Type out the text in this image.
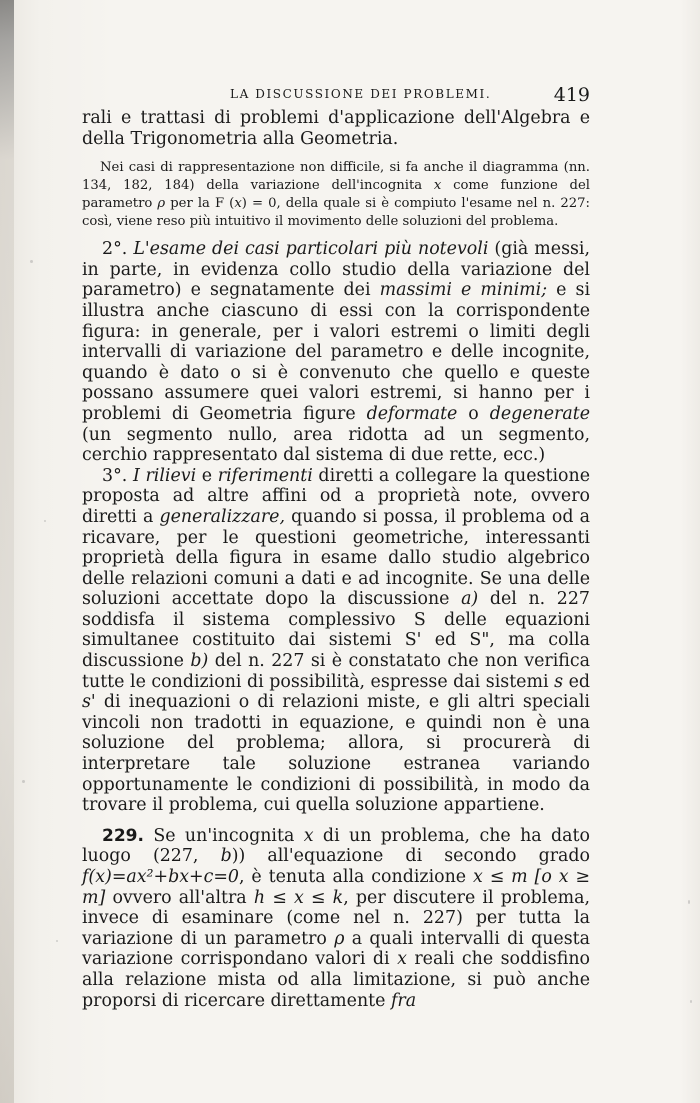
LA DISCUSSIONE DEI PROBLEMI.	419

rali e trattasi di problemi d'applicazione dell'Algebra e della Trigonometria alla Geometria.

Nei casi di rappresentazione non difficile, si fa anche il diagramma (nn. 134, 182, 184) della variazione dell'incognita x come funzione del parametro ρ per la F (x) = 0, della quale si è compiuto l'esame nel n. 227: così, viene reso più intuitivo il movimento delle soluzioni del problema.

2°. L'esame dei casi particolari più notevoli (già messi, in parte, in evidenza collo studio della variazione del parametro) e segnatamente dei massimi e minimi; e si illustra anche ciascuno di essi con la corrispondente figura: in generale, per i valori estremi o limiti degli intervalli di variazione del parametro e delle incognite, quando è dato o si è convenuto che quello e queste possano assumere quei valori estremi, si hanno per i problemi di Geometria figure deformate o degenerate (un segmento nullo, area ridotta ad un segmento, cerchio rappresentato dal sistema di due rette, ecc.)

3°. I rilievi e riferimenti diretti a collegare la questione proposta ad altre affini od a proprietà note, ovvero diretti a generalizzare, quando si possa, il problema od a ricavare, per le questioni geometriche, interessanti proprietà della figura in esame dallo studio algebrico delle relazioni comuni a dati e ad incognite. Se una delle soluzioni accettate dopo la discussione a) del n. 227 soddisfa il sistema complessivo S delle equazioni simultanee costituito dai sistemi S' ed S", ma colla discussione b) del n. 227 si è constatato che non verifica tutte le condizioni di possibilità, espresse dai sistemi s ed s' di inequazioni o di relazioni miste, e gli altri speciali vincoli non tradotti in equazione, e quindi non è una soluzione del problema; allora, si procurerà di interpretare tale soluzione estranea variando opportunamente le condizioni di possibilità, in modo da trovare il problema, cui quella soluzione appartiene.

229. Se un'incognita x di un problema, che ha dato luogo (227, b)) all'equazione di secondo grado f(x)=ax²+bx+c=0, è tenuta alla condizione x ≤ m [o x ≥ m] ovvero all'altra h ≤ x ≤ k, per discutere il problema, invece di esaminare (come nel n. 227) per tutta la variazione di un parametro ρ a quali intervalli di questa variazione corrispondano valori di x reali che soddisfino alla relazione mista od alla limitazione, si può anche proporsi di ricercare direttamente fra
